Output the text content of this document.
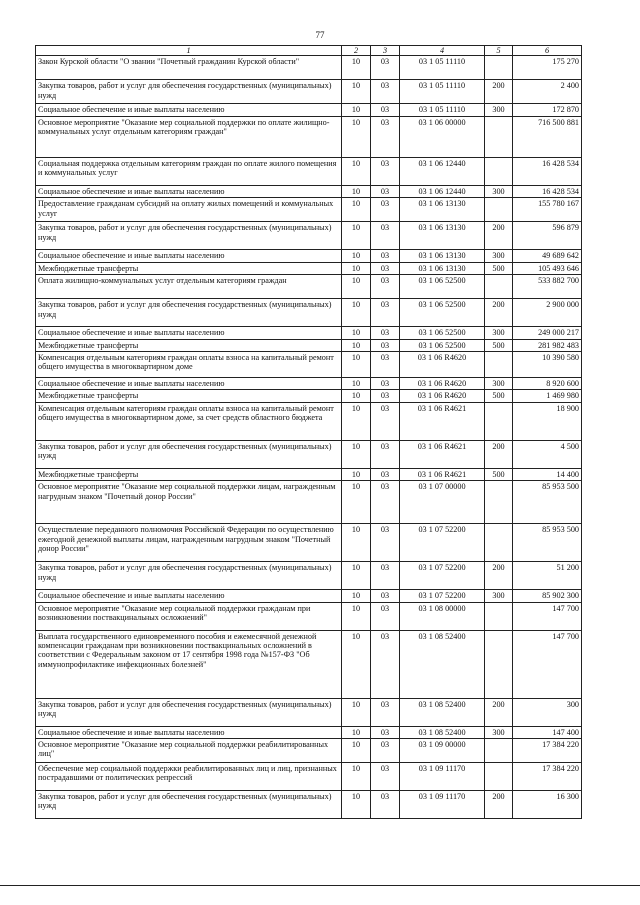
77
1	2	3	4	5	6
Закон Курской области "О звании "Почетный гражданин Курской области"	10	03	03 1 05 11110		175 270
Закупка товаров, работ и услуг для обеспечения государственных (муниципальных) нужд	10	03	03 1 05 11110	200	2 400
Социальное обеспечение и иные выплаты населению	10	03	03 1 05 11110	300	172 870
Основное мероприятие "Оказание мер социальной поддержки по оплате жилищно-коммунальных услуг отдельным категориям граждан"	10	03	03 1 06 00000		716 500 881
Социальная поддержка отдельным категориям граждан по оплате жилого помещения и коммунальных услуг	10	03	03 1 06 12440		16 428 534
Социальное обеспечение и иные выплаты населению	10	03	03 1 06 12440	300	16 428 534
Предоставление гражданам субсидий на оплату жилых помещений и коммунальных услуг	10	03	03 1 06 13130		155 780 167
Закупка товаров, работ и услуг для обеспечения государственных (муниципальных) нужд	10	03	03 1 06 13130	200	596 879
Социальное обеспечение и иные выплаты населению	10	03	03 1 06 13130	300	49 689 642
Межбюджетные трансферты	10	03	03 1 06 13130	500	105 493 646
Оплата жилищно-коммунальных услуг отдельным категориям граждан	10	03	03 1 06 52500		533 882 700
Закупка товаров, работ и услуг для обеспечения государственных (муниципальных) нужд	10	03	03 1 06 52500	200	2 900 000
Социальное обеспечение и иные выплаты населению	10	03	03 1 06 52500	300	249 000 217
Межбюджетные трансферты	10	03	03 1 06 52500	500	281 982 483
Компенсация отдельным категориям граждан оплаты взноса на капитальный ремонт общего имущества в многоквартирном доме	10	03	03 1 06 R4620		10 390 580
Социальное обеспечение и иные выплаты населению	10	03	03 1 06 R4620	300	8 920 600
Межбюджетные трансферты	10	03	03 1 06 R4620	500	1 469 980
Компенсация отдельным категориям граждан оплаты взноса на капитальный ремонт общего имущества в многоквартирном доме, за счет средств областного бюджета	10	03	03 1 06 R4621		18 900
Закупка товаров, работ и услуг для обеспечения государственных (муниципальных) нужд	10	03	03 1 06 R4621	200	4 500
Межбюджетные трансферты	10	03	03 1 06 R4621	500	14 400
Основное мероприятие "Оказание мер социальной поддержки лицам, награжденным нагрудным знаком "Почетный донор России"	10	03	03 1 07 00000		85 953 500
Осуществление переданного полномочия Российской Федерации по осуществлению ежегодной денежной выплаты лицам, награжденным нагрудным знаком "Почетный донор России"	10	03	03 1 07 52200		85 953 500
Закупка товаров, работ и услуг для обеспечения государственных (муниципальных) нужд	10	03	03 1 07 52200	200	51 200
Социальное обеспечение и иные выплаты населению	10	03	03 1 07 52200	300	85 902 300
Основное мероприятие "Оказание мер социальной поддержки гражданам при возникновении поствакцинальных осложнений"	10	03	03 1 08 00000		147 700
Выплата государственного единовременного пособия и ежемесячной денежной компенсации гражданам при возникновении поствакцинальных осложнений в соответствии с Федеральным законом от 17 сентября 1998 года №157-ФЗ "Об иммунопрофилактике инфекционных болезней"	10	03	03 1 08 52400		147 700
Закупка товаров, работ и услуг для обеспечения государственных (муниципальных) нужд	10	03	03 1 08 52400	200	300
Социальное обеспечение и иные выплаты населению	10	03	03 1 08 52400	300	147 400
Основное мероприятие "Оказание мер социальной поддержки реабилитированных лиц"	10	03	03 1 09 00000		17 384 220
Обеспечение мер социальной поддержки реабилитированных лиц и лиц, признанных пострадавшими от политических репрессий	10	03	03 1 09 11170		17 384 220
Закупка товаров, работ и услуг для обеспечения государственных (муниципальных) нужд	10	03	03 1 09 11170	200	16 300
